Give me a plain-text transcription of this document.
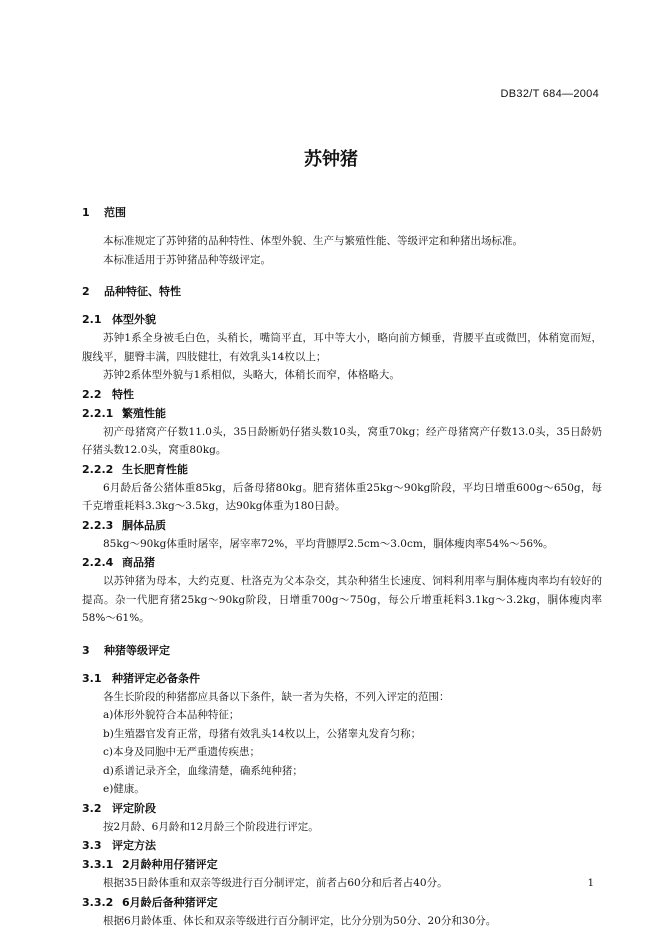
DB32/T 684—2004
苏钟猪
1 范围

本标准规定了苏钟猪的品种特性、体型外貌、生产与繁殖性能、等级评定和种猪出场标准。

本标准适用于苏钟猪品种等级评定。

2 品种特征、特性
2.1 体型外貌

苏钟1系全身被毛白色，头稍长，嘴筒平直，耳中等大小，略向前方倾垂，背腰平直或微凹，体稍宽而短，腹线平，腿臀丰满，四肢健壮，有效乳头14枚以上；

苏钟2系体型外貌与1系相似，头略大，体稍长而窄，体格略大。

2.2 特性
2.2.1 繁殖性能

初产母猪窝产仔数11.0头，35日龄断奶仔猪头数10头，窝重70kg；经产母猪窝产仔数13.0头，35日龄奶仔猪头数12.0头，窝重80kg。

2.2.2 生长肥育性能

6月龄后备公猪体重85kg，后备母猪80kg。肥育猪体重25kg～90kg阶段，平均日增重600g～650g，每千克增重耗料3.3kg～3.5kg，达90kg体重为180日龄。

2.2.3 胴体品质

85kg～90kg体重时屠宰，屠宰率72%，平均背膘厚2.5cm～3.0cm，胴体瘦肉率54%～56%。

2.2.4 商品猪

以苏钟猪为母本，大约克夏、杜洛克为父本杂交，其杂种猪生长速度、饲料利用率与胴体瘦肉率均有较好的提高。杂一代肥育猪25kg～90kg阶段，日增重700g～750g，每公斤增重耗料3.1kg～3.2kg，胴体瘦肉率58%～61%。

3 种猪等级评定
3.1 种猪评定必备条件

各生长阶段的种猪都应具备以下条件，缺一者为失格，不列入评定的范围：

a)体形外貌符合本品种特征；
b)生殖器官发育正常，母猪有效乳头14枚以上，公猪睾丸发育匀称；
c)本身及同胞中无严重遗传疾患；
d)系谱记录齐全，血缘清楚，确系纯种猪；
e)健康。
3.2 评定阶段

按2月龄、6月龄和12月龄三个阶段进行评定。

3.3 评定方法
3.3.1 2月龄种用仔猪评定

根据35日龄体重和双亲等级进行百分制评定，前者占60分和后者占40分。

3.3.2 6月龄后备种猪评定

根据6月龄体重、体长和双亲等级进行百分制评定，比分分别为50分、20分和30分。

1
